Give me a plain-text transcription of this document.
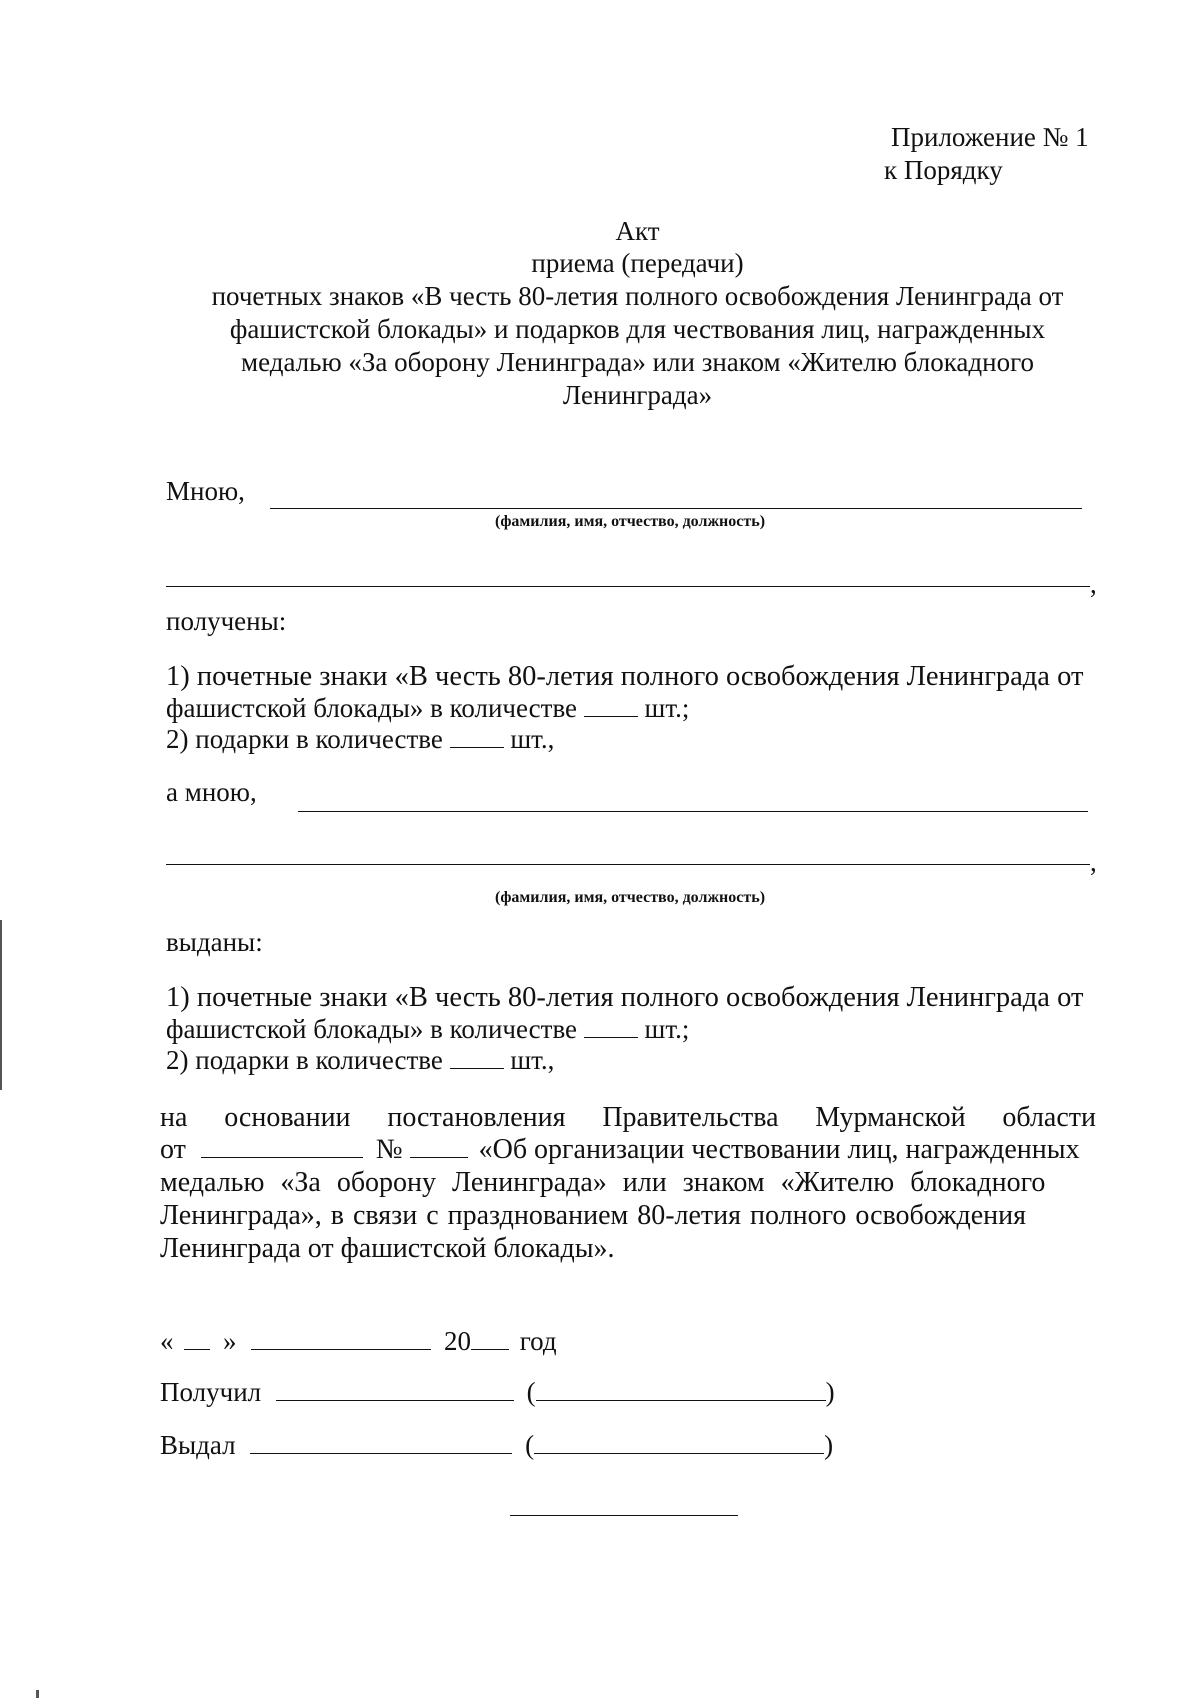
Приложение № 1
к Порядку
Акт
приема (передачи)
почетных знаков «В честь 80-летия полного освобождения Ленинграда от
фашистской блокады» и подарков для чествования лиц, награжденных
медалью «За оборону Ленинграда» или знаком «Жителю блокадного
Ленинграда»
Мною,
(фамилия, имя, отчество, должность)
,
получены:
1) почетные знаки «В честь 80-летия полного освобождения Ленинграда от
фашистской блокады» в количестве	шт.;
2) подарки в количестве	шт.,
а мною,
,
(фамилия, имя, отчество, должность)
выданы:
1) почетные знаки «В честь 80-летия полного освобождения Ленинграда от
фашистской блокады» в количестве	шт.;
2) подарки в количестве	шт.,
на основании постановления Правительства Мурманской области
от	№	«Об организации чествовании лиц, награжденных
медалью «За оборону Ленинграда» или знаком «Жителю блокадного
Ленинграда», в связи с празднованием 80-летия полного освобождения
Ленинграда от фашистской блокады».
« »	20 год
Получил	(	)
Выдал	(	)
